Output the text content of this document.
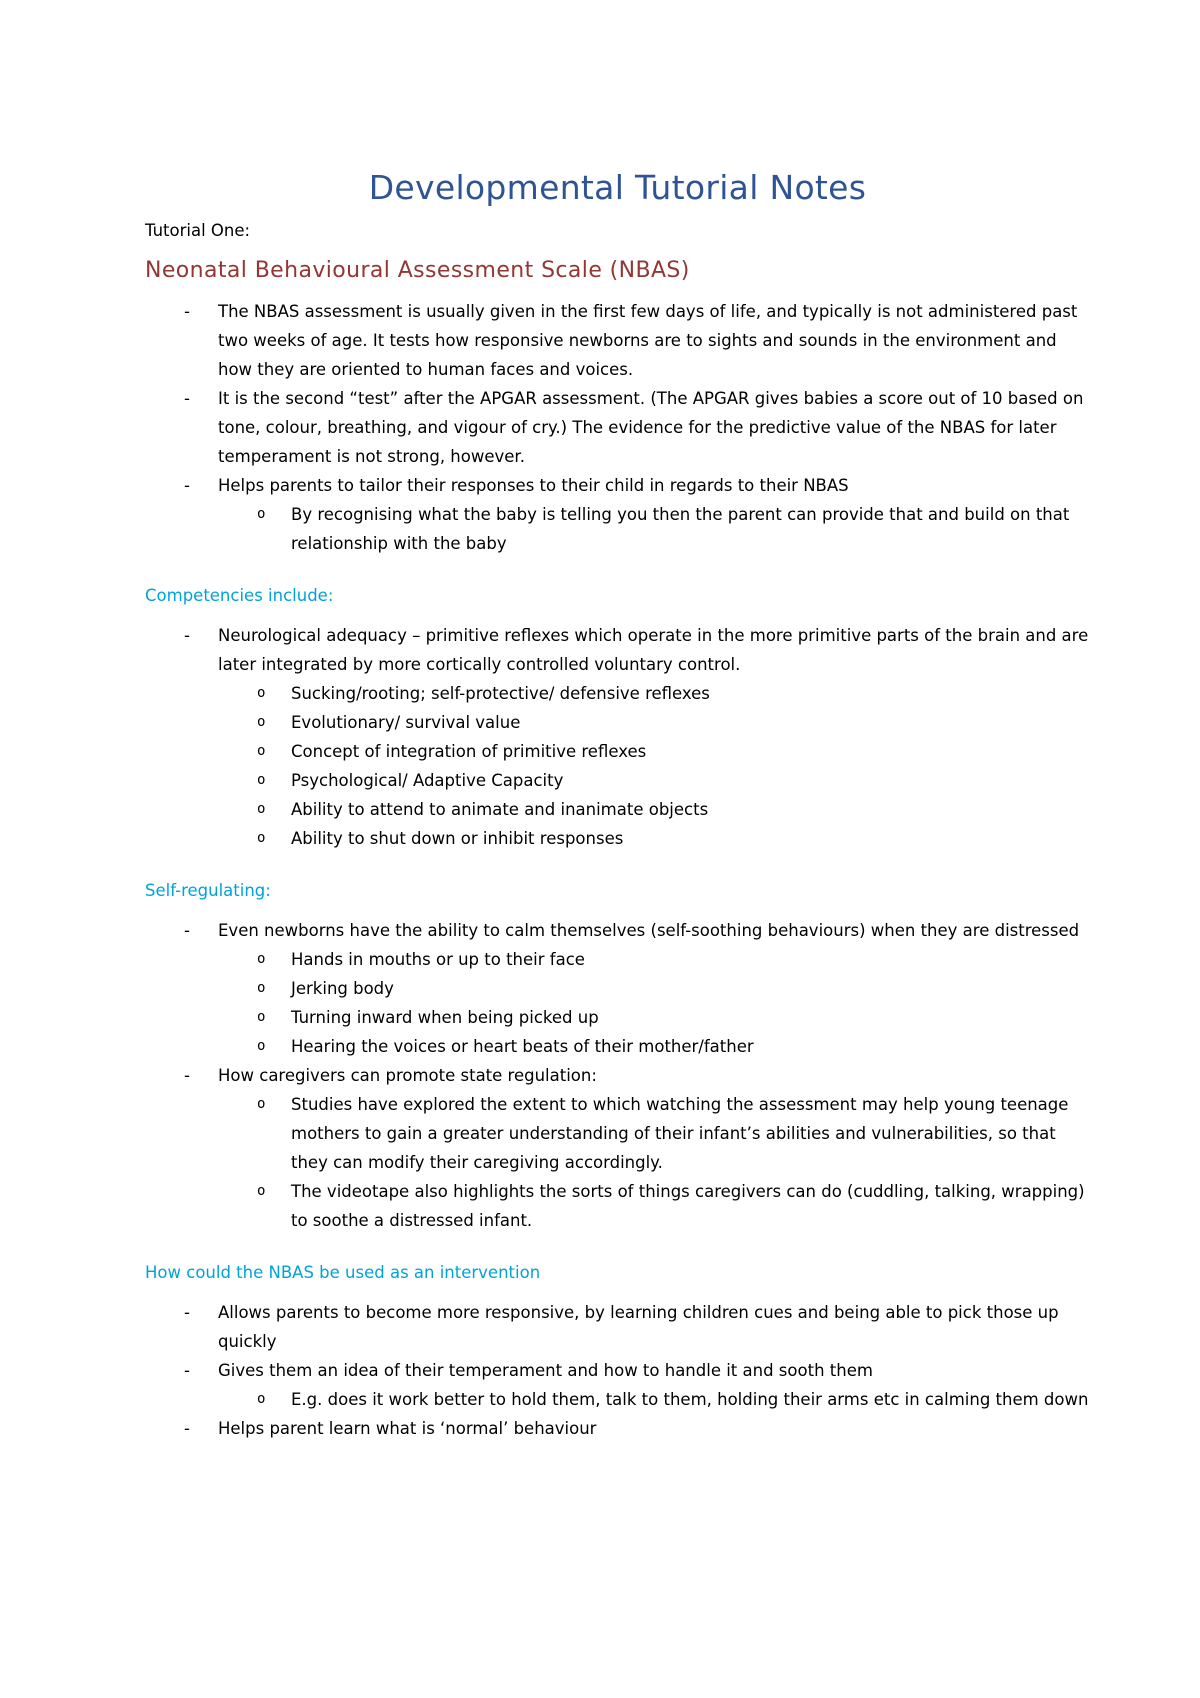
Developmental Tutorial Notes
Tutorial One:
Neonatal Behavioural Assessment Scale (NBAS)
- The NBAS assessment is usually given in the first few days of life, and typically is not administered past two weeks of age. It tests how responsive newborns are to sights and sounds in the environment and how they are oriented to human faces and voices.
- It is the second “test” after the APGAR assessment. (The APGAR gives babies a score out of 10 based on tone, colour, breathing, and vigour of cry.) The evidence for the predictive value of the NBAS for later temperament is not strong, however.
- Helps parents to tailor their responses to their child in regards to their NBAS
o By recognising what the baby is telling you then the parent can provide that and build on that relationship with the baby
Competencies include:
- Neurological adequacy – primitive reflexes which operate in the more primitive parts of the brain and are later integrated by more cortically controlled voluntary control.
o Sucking/rooting; self-protective/ defensive reflexes
o Evolutionary/ survival value
o Concept of integration of primitive reflexes
o Psychological/ Adaptive Capacity
o Ability to attend to animate and inanimate objects
o Ability to shut down or inhibit responses
Self-regulating:
- Even newborns have the ability to calm themselves (self-soothing behaviours) when they are distressed
o Hands in mouths or up to their face
o Jerking body
o Turning inward when being picked up
o Hearing the voices or heart beats of their mother/father
- How caregivers can promote state regulation:
o Studies have explored the extent to which watching the assessment may help young teenage mothers to gain a greater understanding of their infant’s abilities and vulnerabilities, so that they can modify their caregiving accordingly.
o The videotape also highlights the sorts of things caregivers can do (cuddling, talking, wrapping) to soothe a distressed infant.
How could the NBAS be used as an intervention
- Allows parents to become more responsive, by learning children cues and being able to pick those up quickly
- Gives them an idea of their temperament and how to handle it and sooth them
o E.g. does it work better to hold them, talk to them, holding their arms etc in calming them down
- Helps parent learn what is ‘normal’ behaviour
